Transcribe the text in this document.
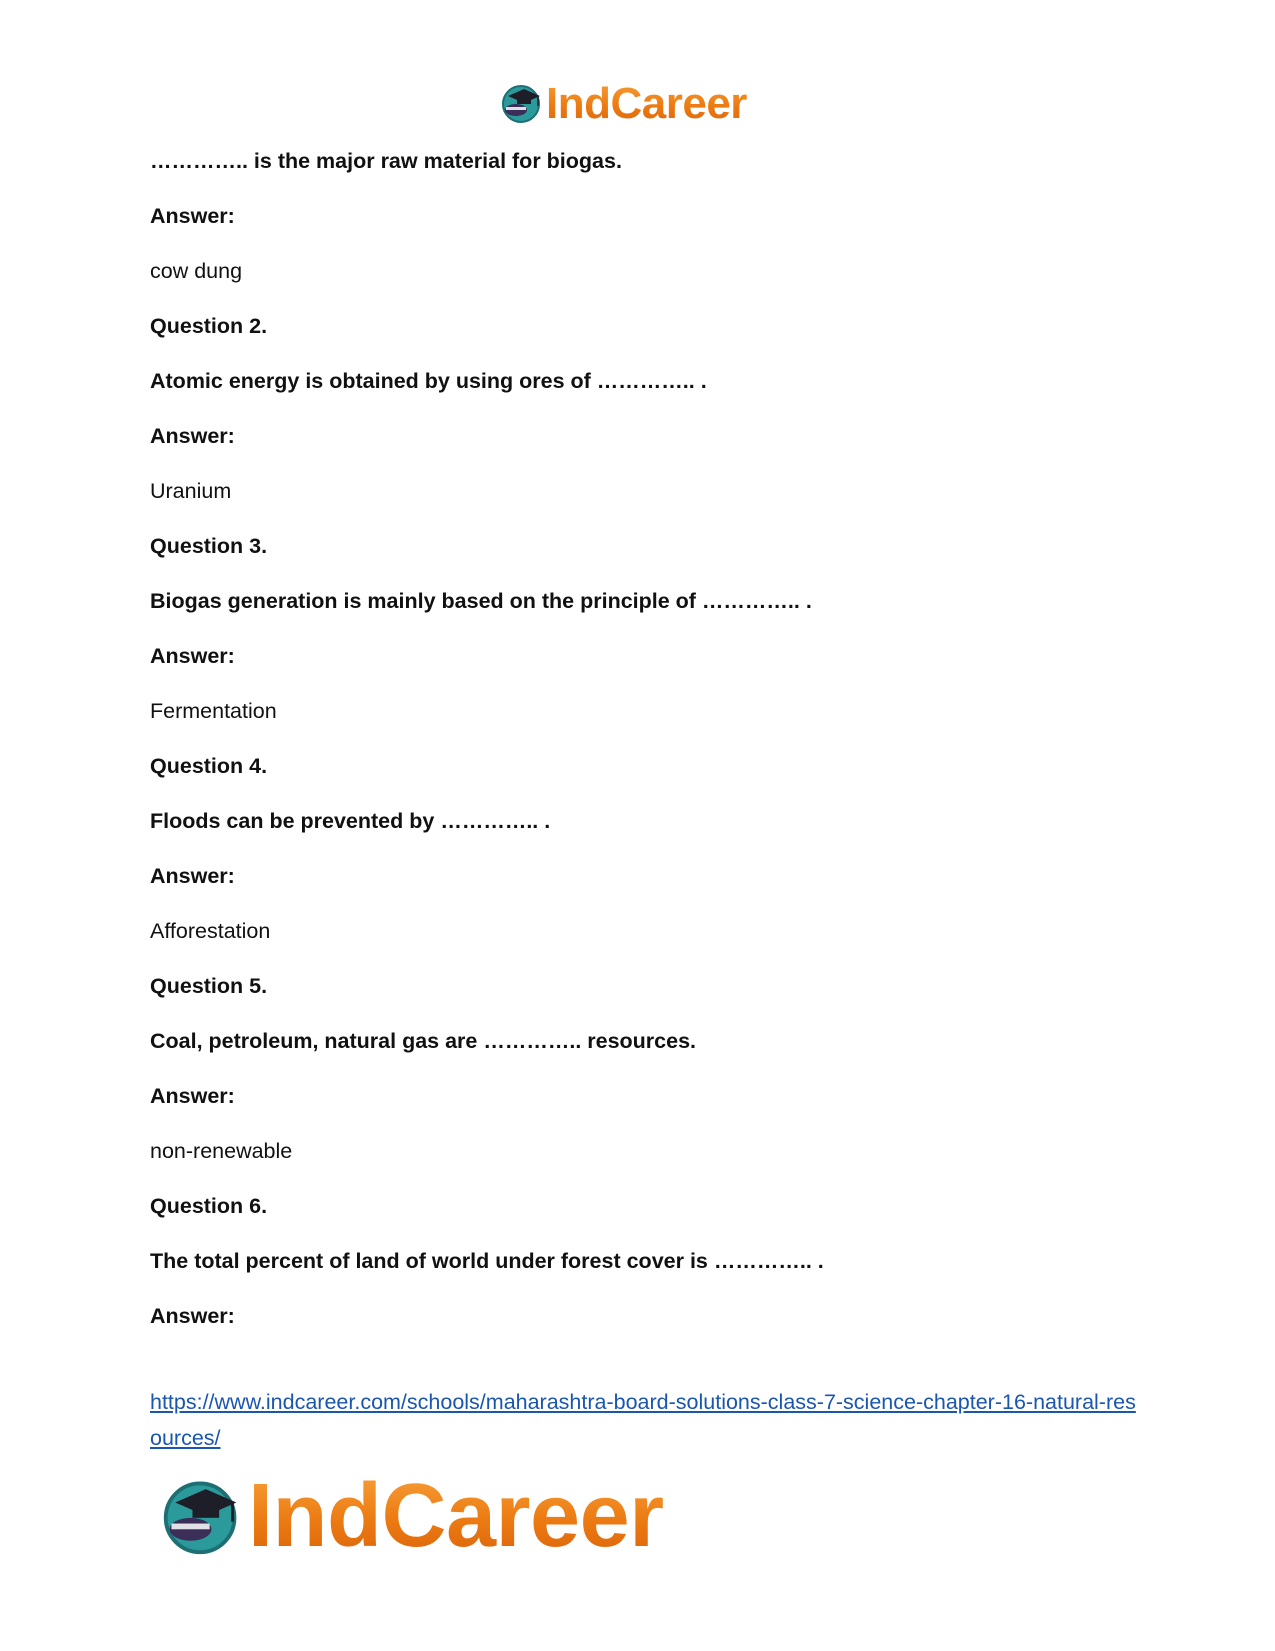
IndCareer
………….. is the major raw material for biogas.
Answer:
cow dung
Question 2.
Atomic energy is obtained by using ores of ………….. .
Answer:
Uranium
Question 3.
Biogas generation is mainly based on the principle of ………….. .
Answer:
Fermentation
Question 4.
Floods can be prevented by ………….. .
Answer:
Afforestation
Question 5.
Coal, petroleum, natural gas are ………….. resources.
Answer:
non-renewable
Question 6.
The total percent of land of world under forest cover is ………….. .
Answer:
https://www.indcareer.com/schools/maharashtra-board-solutions-class-7-science-chapter-16-natural-resources/
IndCareer
